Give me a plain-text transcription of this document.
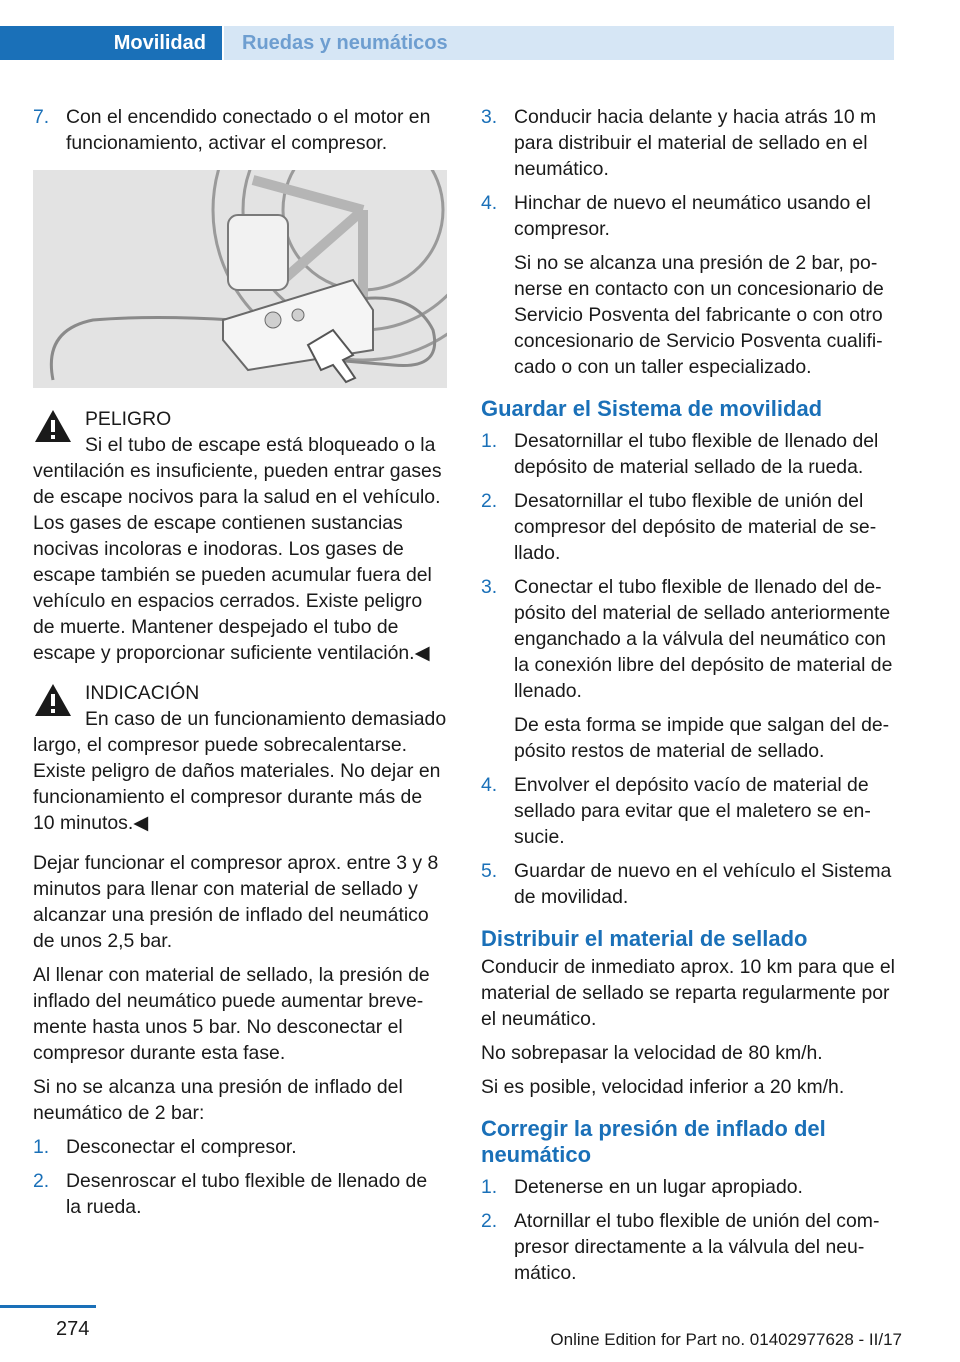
Movilidad	Ruedas y neumáticos
7. Con el encendido conectado o el motor en funcionamiento, activar el compresor.

PELIGRO
Si el tubo de escape está bloqueado o la ventilación es insuficiente, pueden entrar gases de escape nocivos para la salud en el vehículo. Los gases de escape contienen sustancias nocivas incoloras e inodoras. Los gases de escape también se pueden acumular fuera del vehículo en espacios cerrados. Existe peligro de muerte. Mantener despejado el tubo de escape y proporcionar suficiente ventilación.◀
INDICACIÓN
En caso de un funcionamiento demasiado largo, el compresor puede sobrecalentarse. Existe peligro de daños materiales. No dejar en funcionamiento el compresor durante más de 10 minutos.◀

Dejar funcionar el compresor aprox. entre 3 y 8 minutos para llenar con material de sellado y alcanzar una presión de inflado del neumático de unos 2,5 bar.

Al llenar con material de sellado, la presión de inflado del neumático puede aumentar brevemente hasta unos 5 bar. No desconectar el compresor durante esta fase.

Si no se alcanza una presión de inflado del neumático de 2 bar:

1. Desconectar el compresor.

2. Desenroscar el tubo flexible de llenado de la rueda.

3. Conducir hacia delante y hacia atrás 10 m para distribuir el material de sellado en el neumático.

4. Hinchar de nuevo el neumático usando el compresor.

Si no se alcanza una presión de 2 bar, ponerse en contacto con un concesionario de Servicio Posventa del fabricante o con otro concesionario de Servicio Posventa cualificado o con un taller especializado.

Guardar el Sistema de movilidad
1. Desatornillar el tubo flexible de llenado del depósito de material sellado de la rueda.

2. Desatornillar el tubo flexible de unión del compresor del depósito de material de sellado.

3. Conectar el tubo flexible de llenado del depósito del material de sellado anteriormente enganchado a la válvula del neumático con la conexión libre del depósito de material de llenado.

De esta forma se impide que salgan del depósito restos de material de sellado.

4. Envolver el depósito vacío de material de sellado para evitar que el maletero se ensucie.

5. Guardar de nuevo en el vehículo el Sistema de movilidad.

Distribuir el material de sellado

Conducir de inmediato aprox. 10 km para que el material de sellado se reparta regularmente por el neumático.

No sobrepasar la velocidad de 80 km/h.

Si es posible, velocidad inferior a 20 km/h.

Corregir la presión de inflado del neumático
1. Detenerse en un lugar apropiado.

2. Atornillar el tubo flexible de unión del compresor directamente a la válvula del neumático.

274	Online Edition for Part no. 01402977628 - II/17
